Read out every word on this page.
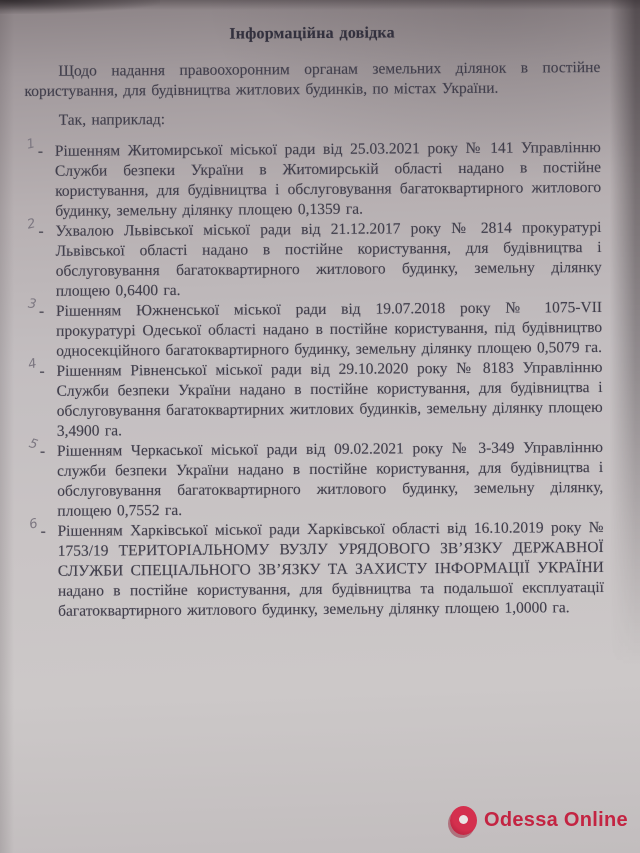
Інформаційна довідка

Щодо надання правоохоронним органам земельних ділянок в постійне користування, для будівництва житлових будинків, по містах України.

Так, наприклад:

1 - Рішенням Житомирської міської ради від 25.03.2021 року № 141 Управлінню Служби безпеки України в Житомирській області надано в постійне користування, для будівництва і обслуговування багатоквартирного житлового будинку, земельну ділянку площею 0,1359 га.
2 - Ухвалою Львівської міської ради від 21.12.2017 року № 2814 прокуратурі Львівської області надано в постійне користування, для будівництва і обслуговування багатоквартирного житлового будинку, земельну ділянку площею 0,6400 га.
3 - Рішенням Южненської міської ради від 19.07.2018 року № 1075-VII прокуратурі Одеської області надано в постійне користування, під будівництво односекційного багатоквартирного будинку, земельну ділянку площею 0,5079 га.
4 - Рішенням Рівненської міської ради від 29.10.2020 року № 8183 Управлінню Служби безпеки України надано в постійне користування, для будівництва і обслуговування багатоквартирних житлових будинків, земельну ділянку площею 3,4900 га.
5 - Рішенням Черкаської міської ради від 09.02.2021 року № 3-349 Управлінню служби безпеки України надано в постійне користування, для будівництва і обслуговування багатоквартирного житлового будинку, земельну ділянку, площею 0,7552 га.
6 - Рішенням Харківської міської ради Харківської області від 16.10.2019 року № 1753/19 ТЕРИТОРІАЛЬНОМУ ВУЗЛУ УРЯДОВОГО ЗВ’ЯЗКУ ДЕРЖАВНОЇ СЛУЖБИ СПЕЦІАЛЬНОГО ЗВ’ЯЗКУ ТА ЗАХИСТУ ІНФОРМАЦІЇ УКРАЇНИ надано в постійне користування, для будівництва та подальшої експлуатації багатоквартирного житлового будинку, земельну ділянку площею 1,0000 га.
Odessa Online
